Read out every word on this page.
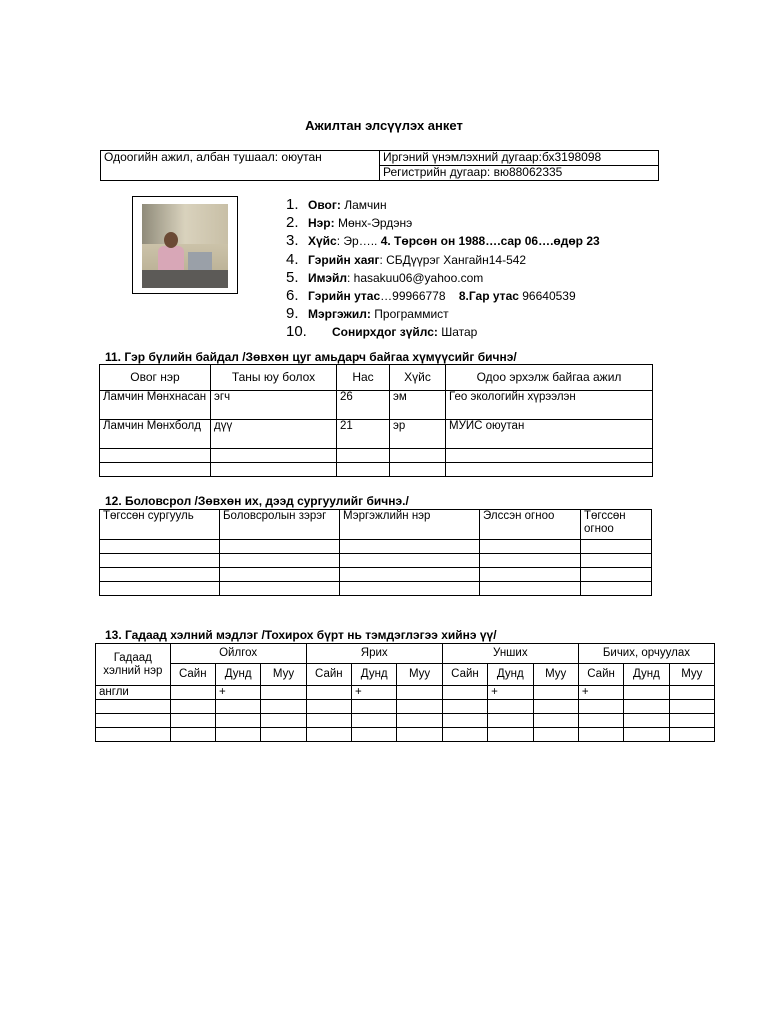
Ажилтан элсүүлэх анкет
Одоогийн ажил, албан тушаал: оюутан	Иргэний үнэмлэхний дугаар:бх3198098
Регистрийн дугаар: вю88062335
1. Овог: Ламчин
2. Нэр: Мөнх-Эрдэнэ
3. Хүйс: Эр….. 4. Төрсөн он 1988….сар 06….өдөр 23
4. Гэрийн хаяг: СБДүүрэг Хангайн14-542
5. Имэйл: hasakuu06@yahoo.com
6. Гэрийн утас…99966778 8.Гар утас 96640539
9. Мэргэжил: Программист
10. Сонирхдог зүйлс: Шатар
11. Гэр бүлийн байдал /Зөвхөн цуг амьдарч байгаа хүмүүсийг бичнэ/
Овог нэр	Таны юу болох	Нас	Хүйс	Одоо эрхэлж байгаа ажил
Ламчин Мөнхнасан	эгч	26	эм	Гео экологийн хүрээлэн
Ламчин Мөнхболд	дүү	21	эр	МУИС оюутан

12. Боловсрол /Зөвхөн их, дээд сургуулийг бичнэ./
Төгссөн сургууль	Боловсролын зэрэг	Мэргэжлийн нэр	Элссэн огноо	Төгссөн огноо

13. Гадаад хэлний мэдлэг /Тохирох бүрт нь тэмдэглэгээ хийнэ үү/
Гадаад хэлний нэр	Ойлгох			Ярих			Унших			Бичих, орчуулах		
	Сайн	Дунд	Муу	Сайн	Дунд	Муу	Сайн	Дунд	Муу	Сайн	Дунд	Муу
англи		+			+			+		+		
